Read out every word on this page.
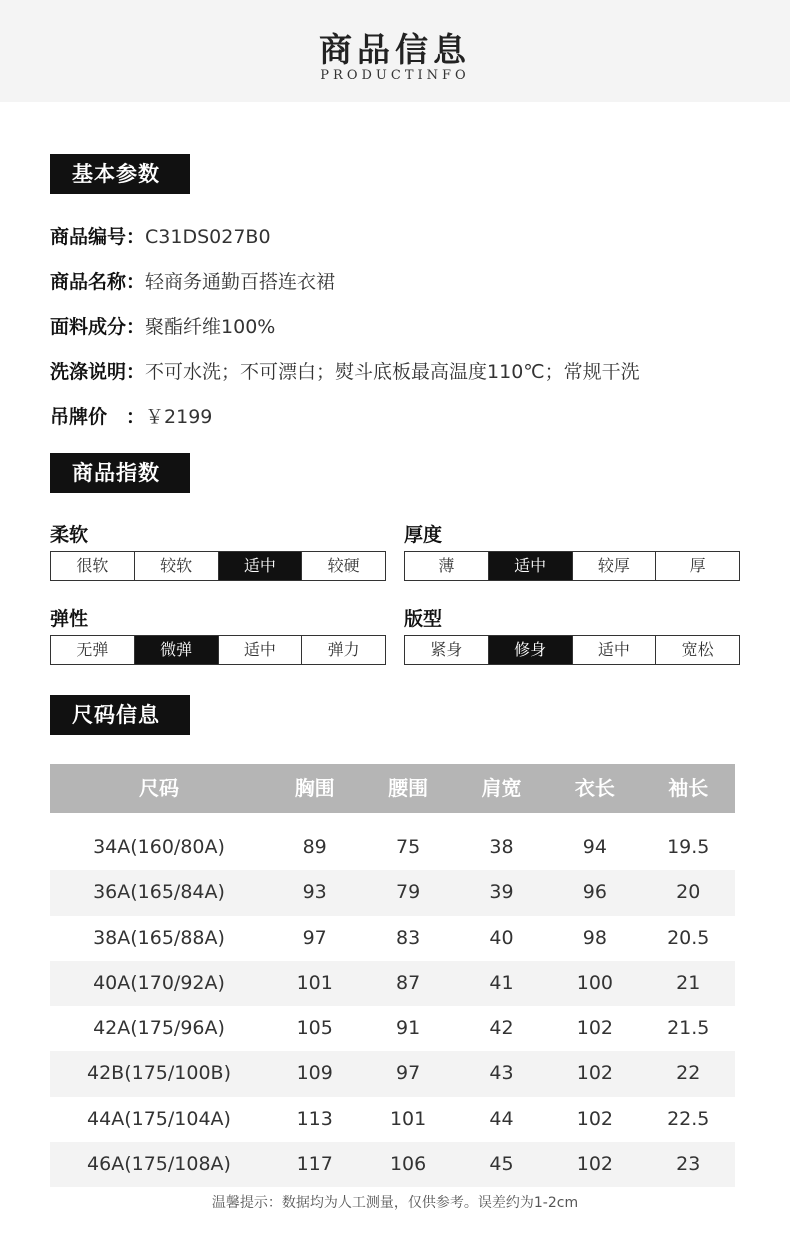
商品信息
PRODUCTINFO
基本参数
商品编号：C31DS027B0
商品名称：轻商务通勤百搭连衣裙
面料成分：聚酯纤维100%
洗涤说明：不可水洗；不可漂白；熨斗底板最高温度110℃；常规干洗
吊牌价　：￥2199
商品指数
柔软
很软	较软	适中	较硬
厚度
薄	适中	较厚	厚
弹性
无弹	微弹	适中	弹力
版型
紧身	修身	适中	宽松
尺码信息
尺码	胸围	腰围	肩宽	衣长	袖长
34A(160/80A)	89	75	38	94	19.5
36A(165/84A)	93	79	39	96	20
38A(165/88A)	97	83	40	98	20.5
40A(170/92A)	101	87	41	100	21
42A(175/96A)	105	91	42	102	21.5
42B(175/100B)	109	97	43	102	22
44A(175/104A)	113	101	44	102	22.5
46A(175/108A)	117	106	45	102	23
温馨提示：数据均为人工测量，仅供参考。误差约为1-2cm
